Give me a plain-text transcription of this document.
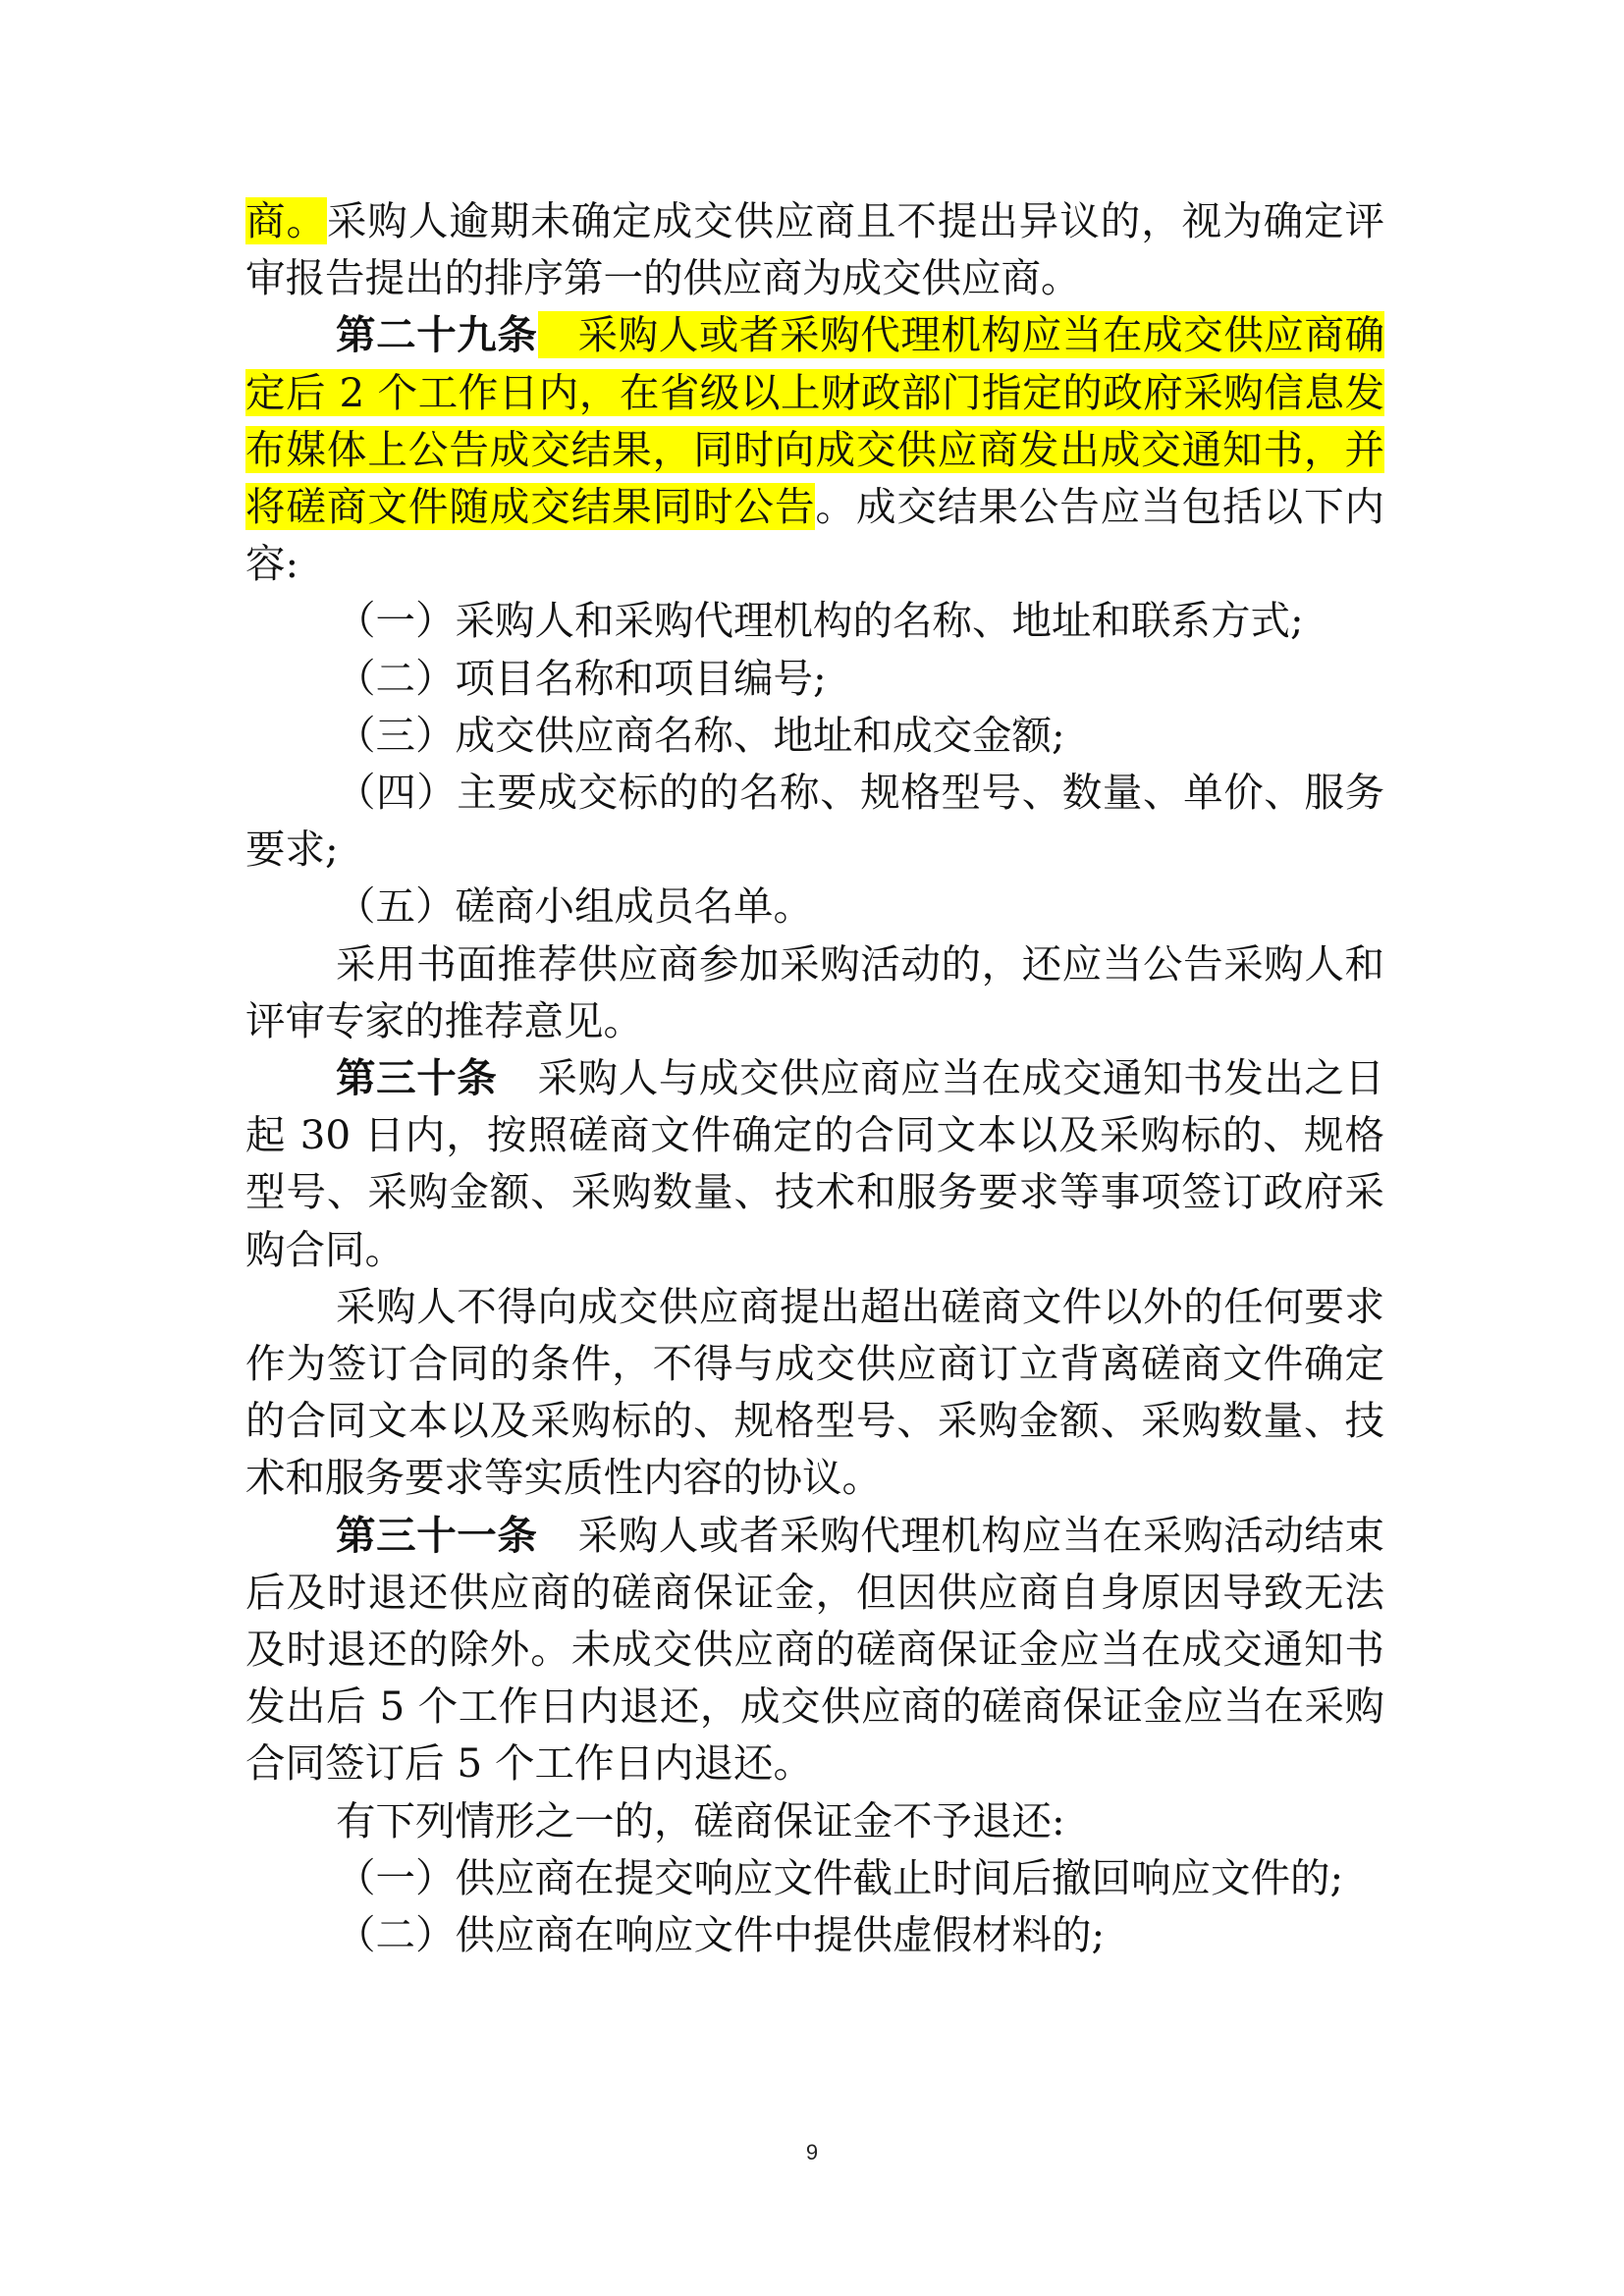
商。采购人逾期未确定成交供应商且不提出异议的，视为确定评审报告提出的排序第一的供应商为成交供应商。

第二十九条　 采购人或者采购代理机构应当在成交供应商确定后 2 个工作日内，在省级以上财政部门指定的政府采购信息发布媒体上公告成交结果，同时向成交供应商发出成交通知书，并将磋商文件随成交结果同时公告。成交结果公告应当包括以下内容:

（一）采购人和采购代理机构的名称、地址和联系方式;

（二）项目名称和项目编号;

（三）成交供应商名称、地址和成交金额;

（四）主要成交标的的名称、规格型号、数量、单价、服务要求;

（五）磋商小组成员名单。

采用书面推荐供应商参加采购活动的，还应当公告采购人和评审专家的推荐意见。

第三十条　 采购人与成交供应商应当在成交通知书发出之日起 30 日内，按照磋商文件确定的合同文本以及采购标的、规格型号、采购金额、采购数量、技术和服务要求等事项签订政府采购合同。

采购人不得向成交供应商提出超出磋商文件以外的任何要求作为签订合同的条件，不得与成交供应商订立背离磋商文件确定的合同文本以及采购标的、规格型号、采购金额、采购数量、技术和服务要求等实质性内容的协议。

第三十一条　 采购人或者采购代理机构应当在采购活动结束后及时退还供应商的磋商保证金，但因供应商自身原因导致无法及时退还的除外。未成交供应商的磋商保证金应当在成交通知书发出后 5 个工作日内退还，成交供应商的磋商保证金应当在采购合同签订后 5 个工作日内退还。

有下列情形之一的，磋商保证金不予退还:

（一）供应商在提交响应文件截止时间后撤回响应文件的;

（二）供应商在响应文件中提供虚假材料的;

9
